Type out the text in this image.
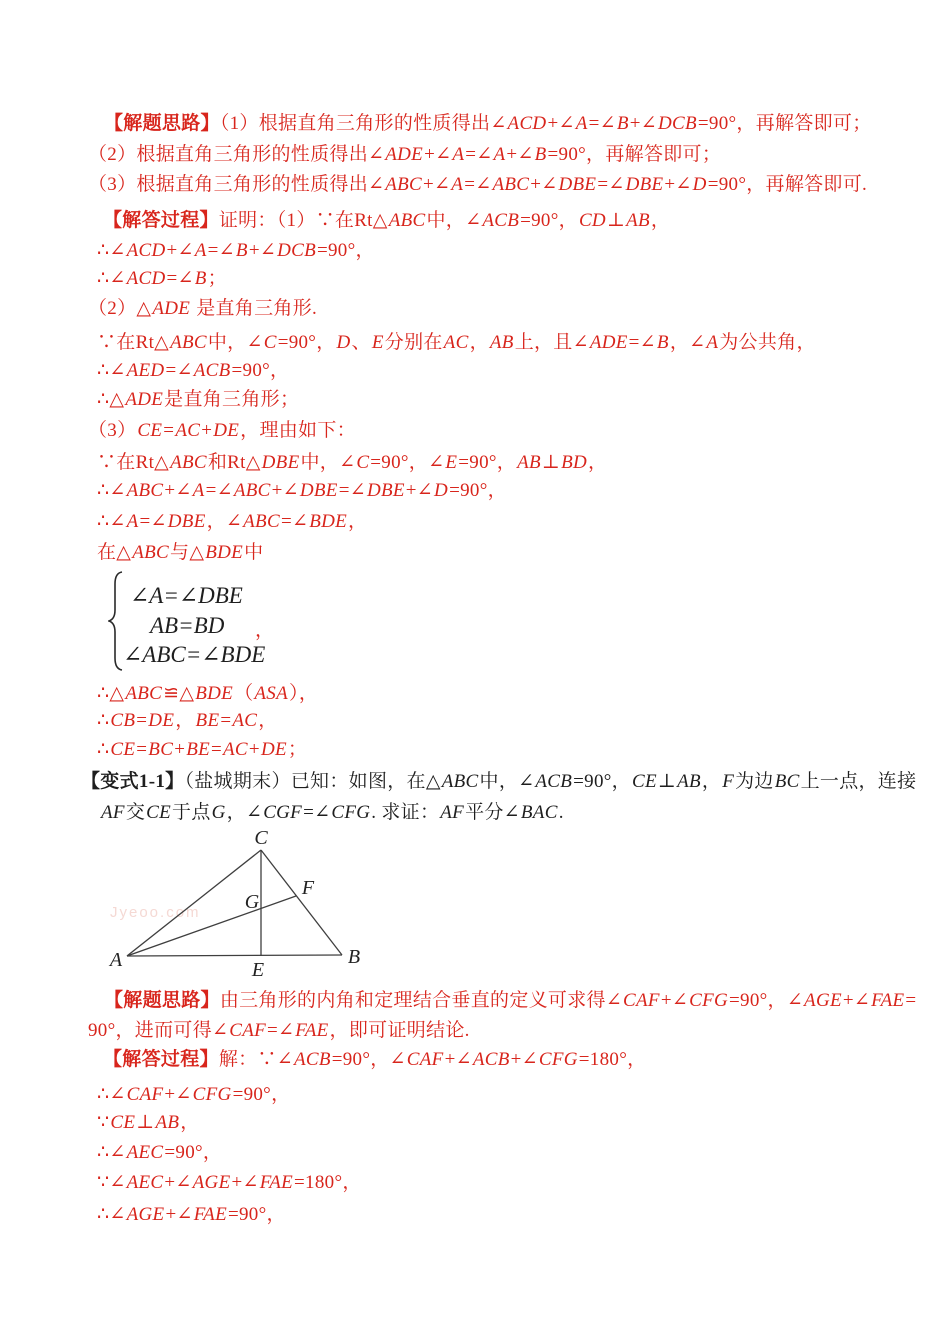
【解题思路】（1）根据直角三角形的性质得出∠ACD+∠A=∠B+∠DCB=90°，再解答即可；
（2）根据直角三角形的性质得出∠ADE+∠A=∠A+∠B=90°，再解答即可；
（3）根据直角三角形的性质得出∠ABC+∠A=∠ABC+∠DBE=∠DBE+∠D=90°，再解答即可.
【解答过程】证明：（1）∵在Rt△ABC中，∠ACB=90°，CD⊥AB，
∴∠ACD+∠A=∠B+∠DCB=90°，
∴∠ACD=∠B；
（2）△ADE 是直角三角形.
∵在Rt△ABC中，∠C=90°，D、E分别在AC，AB上，且∠ADE=∠B，∠A为公共角，
∴∠AED=∠ACB=90°，
∴△ADE是直角三角形；
（3）CE=AC+DE，理由如下：
∵在Rt△ABC和Rt△DBE中，∠C=90°，∠E=90°，AB⊥BD，
∴∠ABC+∠A=∠ABC+∠DBE=∠DBE+∠D=90°，
∴∠A=∠DBE，∠ABC=∠BDE，
在△ABC与△BDE中
∴△ABC≌△BDE（ASA），
∴CB=DE，BE=AC，
∴CE=BC+BE=AC+DE；
【变式1-1】（盐城期末）已知：如图，在△ABC中，∠ACB=90°，CE⊥AB，F为边BC上一点，连接
AF交CE于点G，∠CGF=∠CFG. 求证：AF平分∠BAC.
【解题思路】由三角形的内角和定理结合垂直的定义可求得∠CAF+∠CFG=90°，∠AGE+∠FAE=
90°，进而可得∠CAF=∠FAE，即可证明结论.
【解答过程】解：∵∠ACB=90°，∠CAF+∠ACB+∠CFG=180°，
∴∠CAF+∠CFG=90°，
∵CE⊥AB，
∴∠AEC=90°，
∵∠AEC+∠AGE+∠FAE=180°，
∴∠AGE+∠FAE=90°，
∠A=∠DBE
AB=BD
∠ABC=∠BDE
，
Jyeoo.com
C
A	B
E
F
G
